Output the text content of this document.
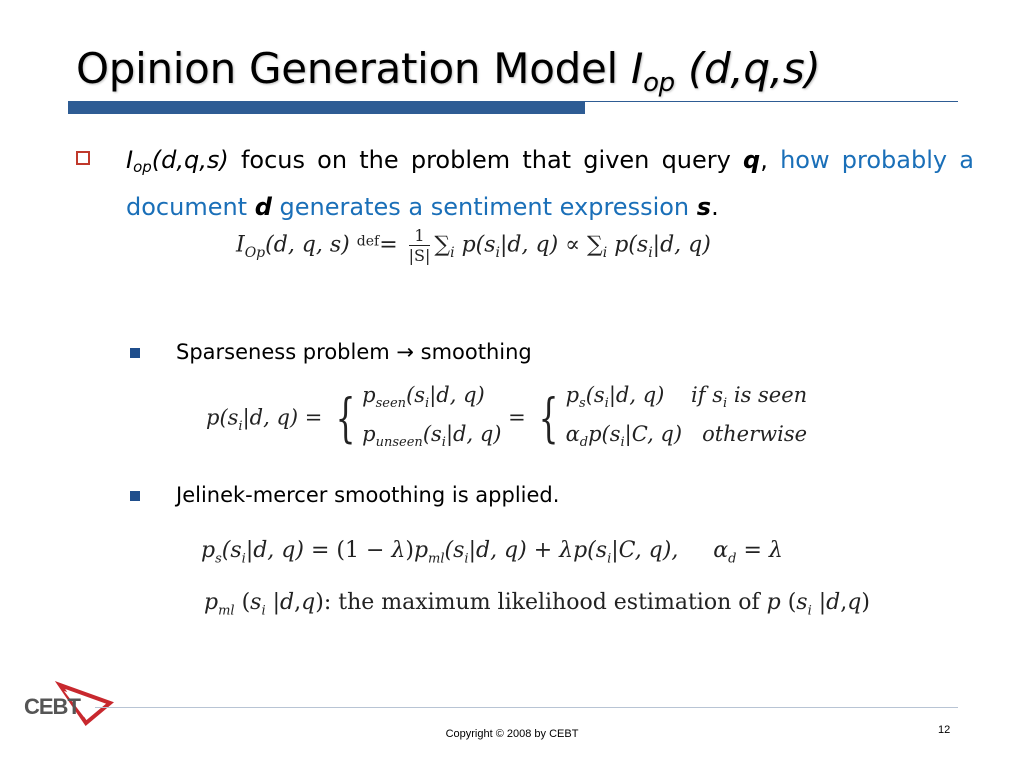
Opinion Generation Model $I_{op}$ (d,q,s)
$I_{op}(d,q,s)$ focus on the problem that given query q, how probably a document d generates a sentiment expression s.
$I_{Op}(d$, q, s) $^{def}= \frac{1}{|S|} \sum_i$ $p(s_i|d$, $q) \propto \sum_i$ $p(s_i|d$, q)
Sparseness problem → smoothing
$p(s_i|d$, q) = { $p_{seen}(s_i|d$, q)
$p_{unseen}(s_i|d$, q) = { $p_s(s_i|d$, q)    if $s_i$ is seen
$\alpha_dp(s_i|C$, q)   otherwise
Jelinek-mercer smoothing is applied.
$p_s(s_i|d$, $q) = (1 - \lambda)p_{ml}(s_i|d$, $q) + \lambda p(s_i|C$, q),     $\alpha_d = \lambda$
$p_{ml}$ ($s_i$ |d,q): the maximum likelihood estimation of p ($s_i$ |d,q)
CEBT
Copyright © 2008 by CEBT	12
